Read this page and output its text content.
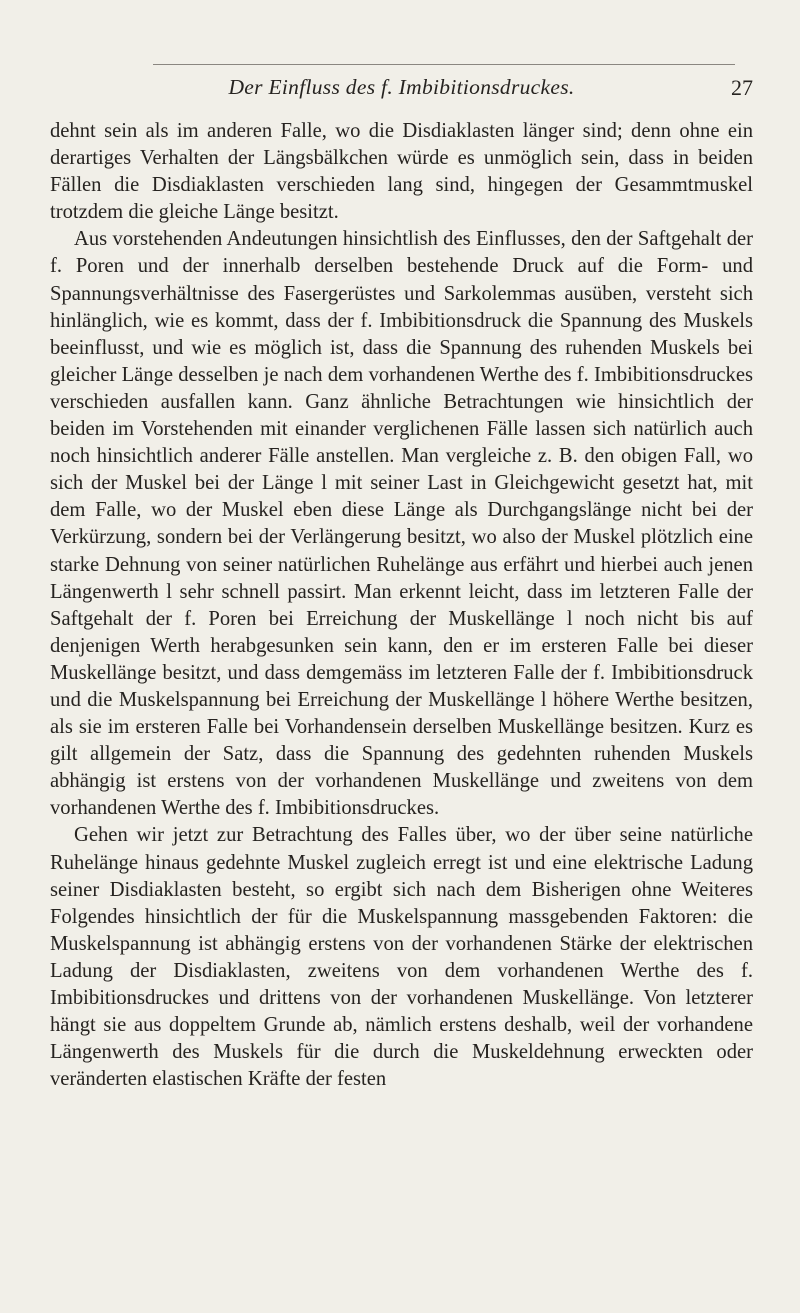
Der Einfluss des f. Imbibitionsdruckes.	27

dehnt sein als im anderen Falle, wo die Disdiaklasten länger sind; denn ohne ein derartiges Verhalten der Längsbälkchen würde es unmöglich sein, dass in beiden Fällen die Disdiaklasten verschieden lang sind, hingegen der Gesammtmuskel trotzdem die gleiche Länge besitzt.

Aus vorstehenden Andeutungen hinsichtlish des Einflusses, den der Saftgehalt der f. Poren und der innerhalb derselben bestehende Druck auf die Form- und Spannungsverhältnisse des Fasergerüstes und Sarkolemmas ausüben, versteht sich hinlänglich, wie es kommt, dass der f. Imbibitionsdruck die Spannung des Muskels beeinflusst, und wie es möglich ist, dass die Spannung des ruhenden Muskels bei gleicher Länge desselben je nach dem vorhandenen Werthe des f. Imbibitionsdruckes verschieden ausfallen kann. Ganz ähnliche Betrachtungen wie hinsichtlich der beiden im Vorstehenden mit einander verglichenen Fälle lassen sich natürlich auch noch hinsichtlich anderer Fälle anstellen. Man vergleiche z. B. den obigen Fall, wo sich der Muskel bei der Länge l mit seiner Last in Gleichgewicht gesetzt hat, mit dem Falle, wo der Muskel eben diese Länge als Durchgangslänge nicht bei der Verkürzung, sondern bei der Verlängerung besitzt, wo also der Muskel plötzlich eine starke Dehnung von seiner natürlichen Ruhelänge aus erfährt und hierbei auch jenen Längenwerth l sehr schnell passirt. Man erkennt leicht, dass im letzteren Falle der Saftgehalt der f. Poren bei Erreichung der Muskellänge l noch nicht bis auf denjenigen Werth herabgesunken sein kann, den er im ersteren Falle bei dieser Muskellänge besitzt, und dass demgemäss im letzteren Falle der f. Imbibitionsdruck und die Muskelspannung bei Erreichung der Muskellänge l höhere Werthe besitzen, als sie im ersteren Falle bei Vorhandensein derselben Muskellänge besitzen. Kurz es gilt allgemein der Satz, dass die Spannung des gedehnten ruhenden Muskels abhängig ist erstens von der vorhandenen Muskellänge und zweitens von dem vorhandenen Werthe des f. Imbibitionsdruckes.

Gehen wir jetzt zur Betrachtung des Falles über, wo der über seine natürliche Ruhelänge hinaus gedehnte Muskel zugleich erregt ist und eine elektrische Ladung seiner Disdiaklasten besteht, so ergibt sich nach dem Bisherigen ohne Weiteres Folgendes hinsichtlich der für die Muskelspannung massgebenden Faktoren: die Muskelspannung ist abhängig erstens von der vorhandenen Stärke der elektrischen Ladung der Disdiaklasten, zweitens von dem vorhandenen Werthe des f. Imbibitionsdruckes und drittens von der vorhandenen Muskellänge. Von letzterer hängt sie aus doppeltem Grunde ab, nämlich erstens deshalb, weil der vorhandene Längenwerth des Muskels für die durch die Muskeldehnung erweckten oder veränderten elastischen Kräfte der festen
